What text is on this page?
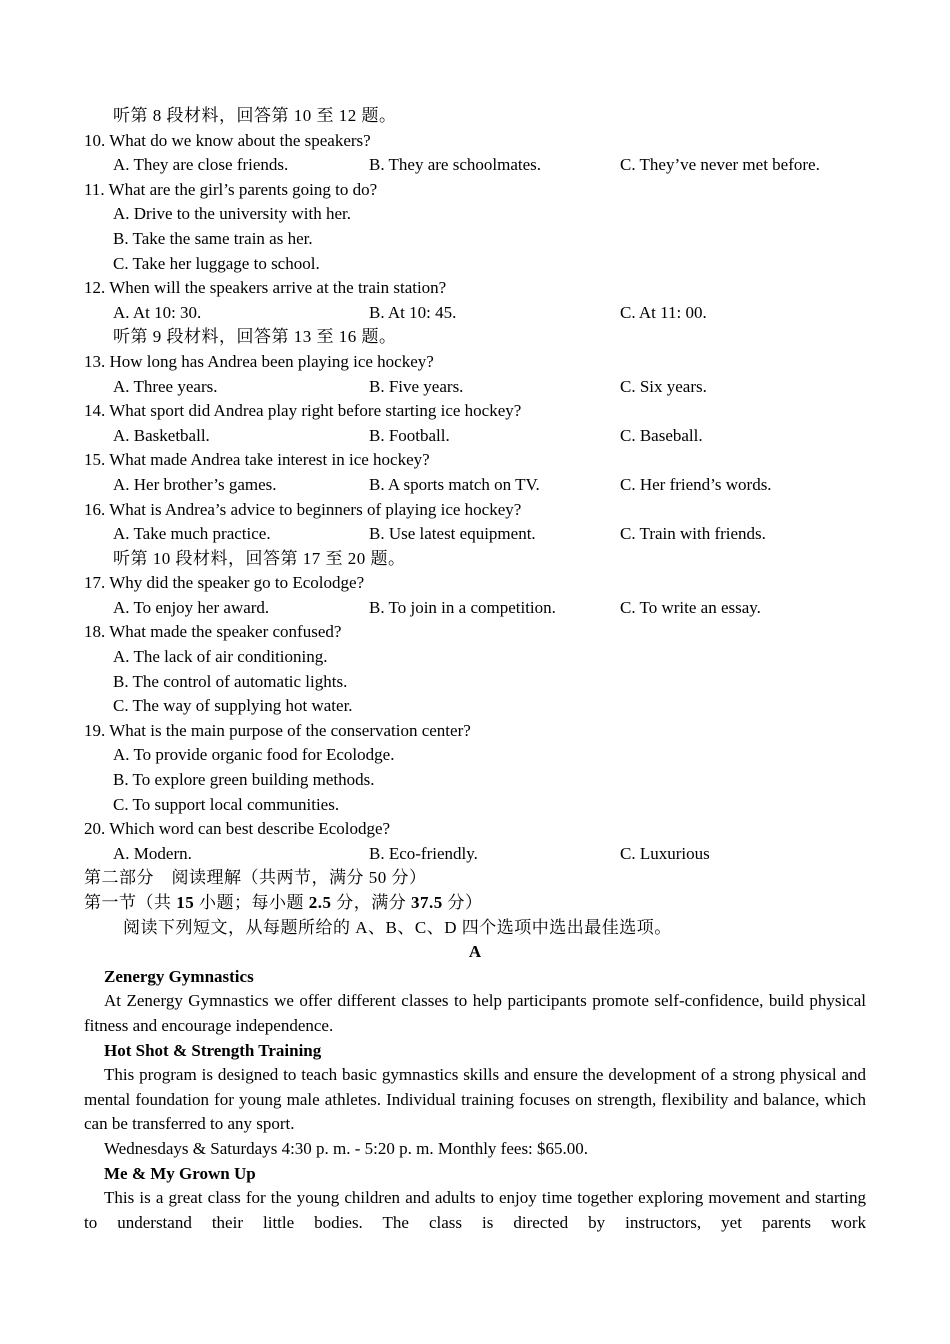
听第 8 段材料，回答第 10 至 12 题。
10. What do we know about the speakers?
A. They are close friends.	B. They are schoolmates.	C. They’ve never met before.
11. What are the girl’s parents going to do?
A. Drive to the university with her.
B. Take the same train as her.
C. Take her luggage to school.
12. When will the speakers arrive at the train station?
A. At 10: 30.	B. At 10: 45.	C. At 11: 00.
听第 9 段材料，回答第 13 至 16 题。
13. How long has Andrea been playing ice hockey?
A. Three years.	B. Five years.	C. Six years.
14. What sport did Andrea play right before starting ice hockey?
A. Basketball.	B. Football.	C. Baseball.
15. What made Andrea take interest in ice hockey?
A. Her brother’s games.	B. A sports match on TV.	C. Her friend’s words.
16. What is Andrea’s advice to beginners of playing ice hockey?
A. Take much practice.	B. Use latest equipment.	C. Train with friends.
听第 10 段材料，回答第 17 至 20 题。
17. Why did the speaker go to Ecolodge?
A. To enjoy her award.	B. To join in a competition.	C. To write an essay.
18. What made the speaker confused?
A. The lack of air conditioning.
B. The control of automatic lights.
C. The way of supplying hot water.
19. What is the main purpose of the conservation center?
A. To provide organic food for Ecolodge.
B. To explore green building methods.
C. To support local communities.
20. Which word can best describe Ecolodge?
A. Modern.	B. Eco-friendly.	C. Luxurious
第二部分　阅读理解（共两节，满分 50 分）
第一节（共 15 小题；每小题 2.5 分，满分 37.5 分）
阅读下列短文，从每题所给的 A、B、C、D 四个选项中选出最佳选项。
A
Zenergy Gymnastics
At Zenergy Gymnastics we offer different classes to help participants promote self-confidence, build physical fitness and encourage independence.
Hot Shot & Strength Training
This program is designed to teach basic gymnastics skills and ensure the development of a strong physical and mental foundation for young male athletes. Individual training focuses on strength, flexibility and balance, which can be transferred to any sport.
Wednesdays & Saturdays 4:30 p. m. - 5:20 p. m. Monthly fees: $65.00.
Me & My Grown Up
This is a great class for the young children and adults to enjoy time together exploring movement and starting to understand their little bodies. The class is directed by instructors, yet parents work
